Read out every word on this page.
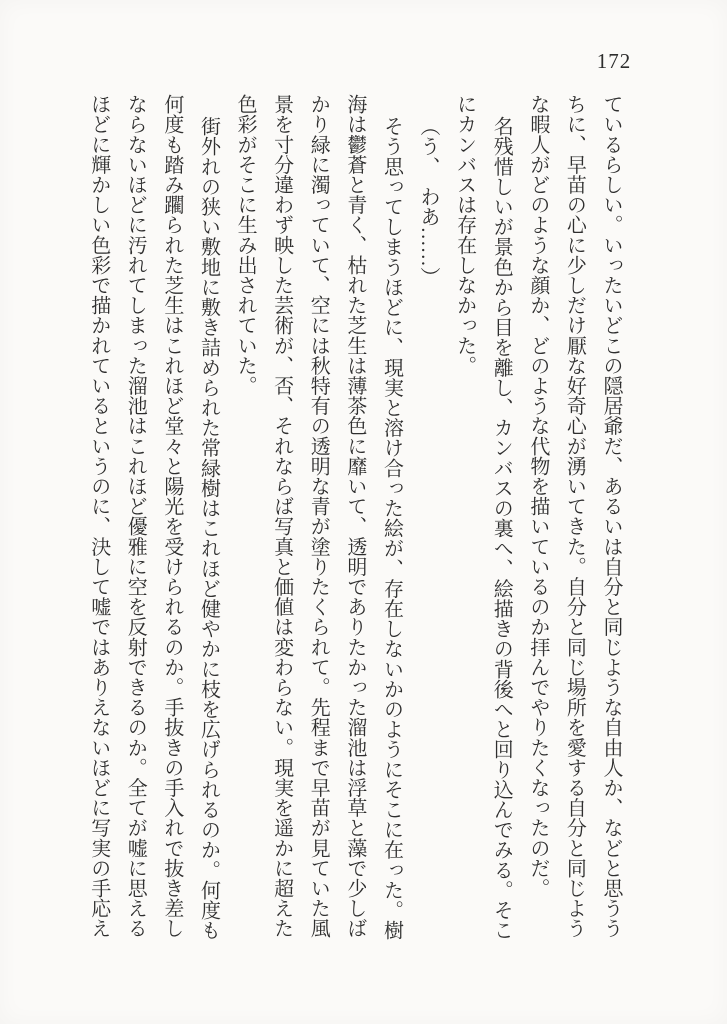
172

ているらしい。いったいどこの隠居爺だ、あるいは自分と同じような自由人か、などと思ううちに、早苗の心に少しだけ厭な好奇心が湧いてきた。自分と同じ場所を愛する自分と同じような暇人がどのような顔か、どのような代物を描いているのか拝んでやりたくなったのだ。

名残惜しいが景色から目を離し、カンバスの裏へ、絵描きの背後へと回り込んでみる。そこにカンバスは存在しなかった。

（う、　わあ……）

そう思ってしまうほどに、現実と溶け合った絵が、存在しないかのようにそこに在った。樹海は鬱蒼と青く、枯れた芝生は薄茶色に靡いて、透明でありたかった溜池は浮草と藻で少しばかり緑に濁っていて、空には秋特有の透明な青が塗りたくられて。先程まで早苗が見ていた風景を寸分違わず映した芸術が、否、それならば写真と価値は変わらない。現実を遥かに超えた色彩がそこに生み出されていた。

街外れの狭い敷地に敷き詰められた常緑樹はこれほど健やかに枝を広げられるのか。何度も何度も踏み躙られた芝生はこれほど堂々と陽光を受けられるのか。手抜きの手入れで抜き差しならないほどに汚れてしまった溜池はこれほど優雅に空を反射できるのか。全てが嘘に思えるほどに輝かしい色彩で描かれているというのに、決して嘘ではありえないほどに写実の手応え
